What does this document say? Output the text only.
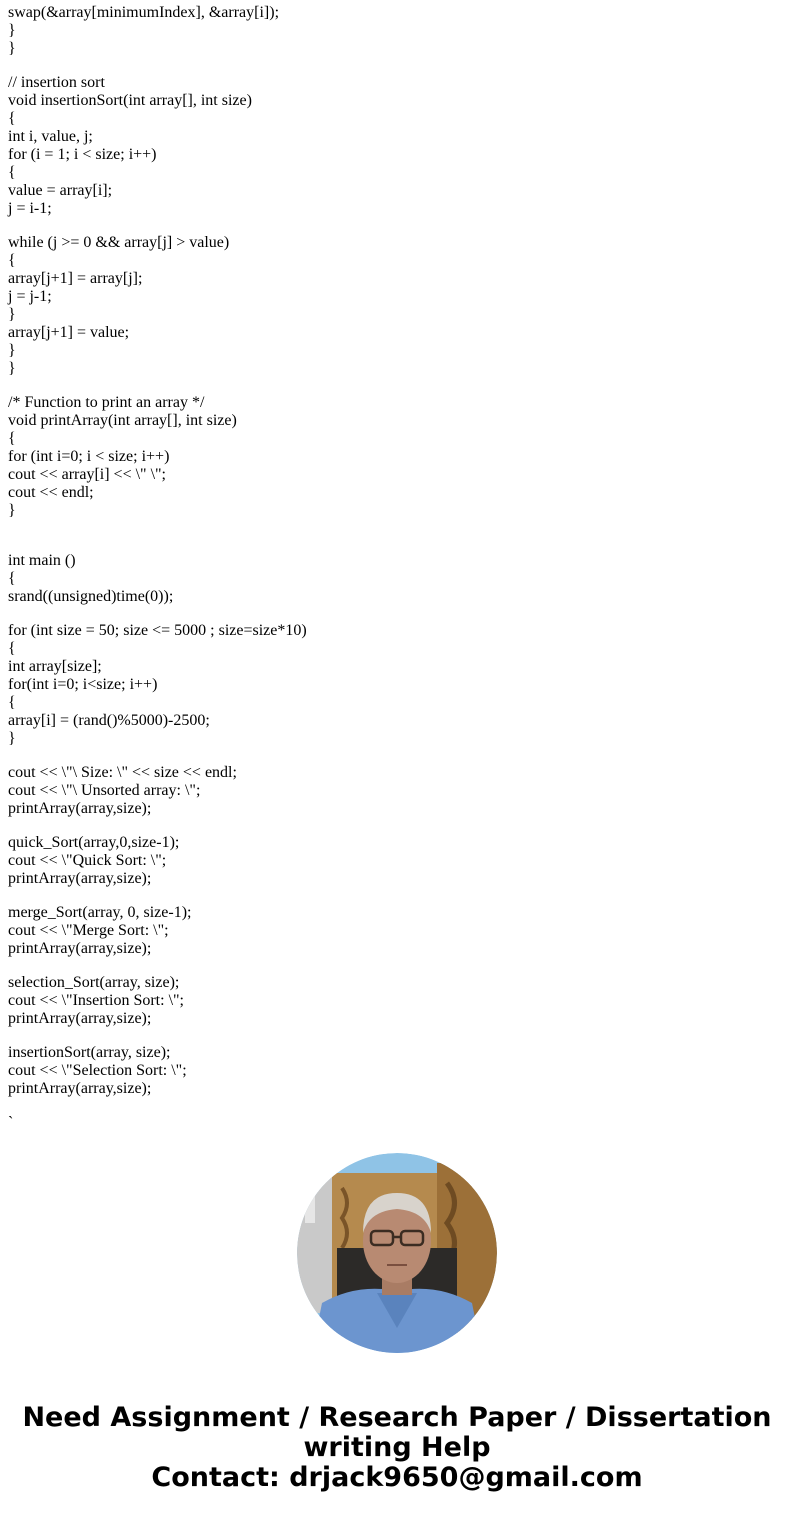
swap(&array[minimumIndex], &array[i]);
}
}
// insertion sort
void insertionSort(int array[], int size)
{
int i, value, j;
for (i = 1; i < size; i++)
{
value = array[i];
j = i-1;
while (j >= 0 && array[j] > value)
{
array[j+1] = array[j];
j = j-1;
}
array[j+1] = value;
}
}
/* Function to print an array */
void printArray(int array[], int size)
{
for (int i=0; i < size; i++)
cout << array[i] << \" \";
cout << endl;
}
int main ()
{
srand((unsigned)time(0));
for (int size = 50; size <= 5000 ; size=size*10)
{
int array[size];
for(int i=0; i<size; i++)
{
array[i] = (rand()%5000)-2500;
}
cout << \"\ Size: \" << size << endl;
cout << \"\ Unsorted array: \";
printArray(array,size);
quick_Sort(array,0,size-1);
cout << \"Quick Sort: \";
printArray(array,size);
merge_Sort(array, 0, size-1);
cout << \"Merge Sort: \";
printArray(array,size);
selection_Sort(array, size);
cout << \"Insertion Sort: \";
printArray(array,size);
insertionSort(array, size);
cout << \"Selection Sort: \";
printArray(array,size);
`
Need Assignment / Research Paper / Dissertation
writing Help
Contact: drjack9650@gmail.com
